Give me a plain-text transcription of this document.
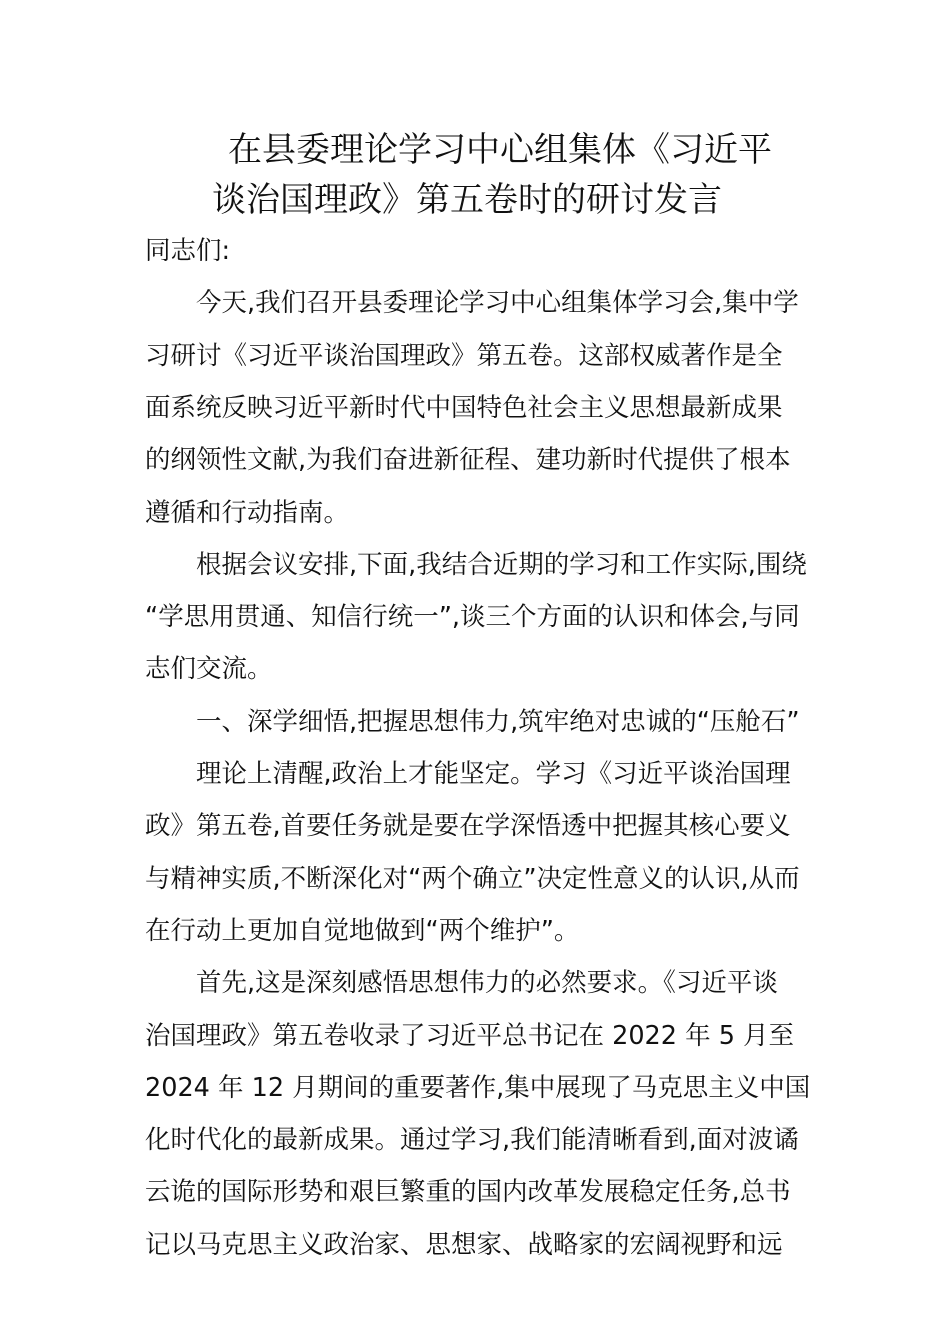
在县委理论学习中心组集体《习近平
谈治国理政》第五卷时的研讨发言

同志们:

今天,我们召开县委理论学习中心组集体学习会,集中学

习研讨《习近平谈治国理政》第五卷。这部权威著作是全

面系统反映习近平新时代中国特色社会主义思想最新成果

的纲领性文献,为我们奋进新征程、建功新时代提供了根本

遵循和行动指南。

根据会议安排,下面,我结合近期的学习和工作实际,围绕

“学思用贯通、知信行统一”,谈三个方面的认识和体会,与同

志们交流。

一、深学细悟,把握思想伟力,筑牢绝对忠诚的“压舱石”

理论上清醒,政治上才能坚定。学习《习近平谈治国理

政》第五卷,首要任务就是要在学深悟透中把握其核心要义

与精神实质,不断深化对“两个确立”决定性意义的认识,从而

在行动上更加自觉地做到“两个维护”。

首先,这是深刻感悟思想伟力的必然要求。《习近平谈

治国理政》第五卷收录了习近平总书记在 2022 年 5 月至

2024 年 12 月期间的重要著作,集中展现了马克思主义中国

化时代化的最新成果。通过学习,我们能清晰看到,面对波谲

云诡的国际形势和艰巨繁重的国内改革发展稳定任务,总书

记以马克思主义政治家、思想家、战略家的宏阔视野和远
